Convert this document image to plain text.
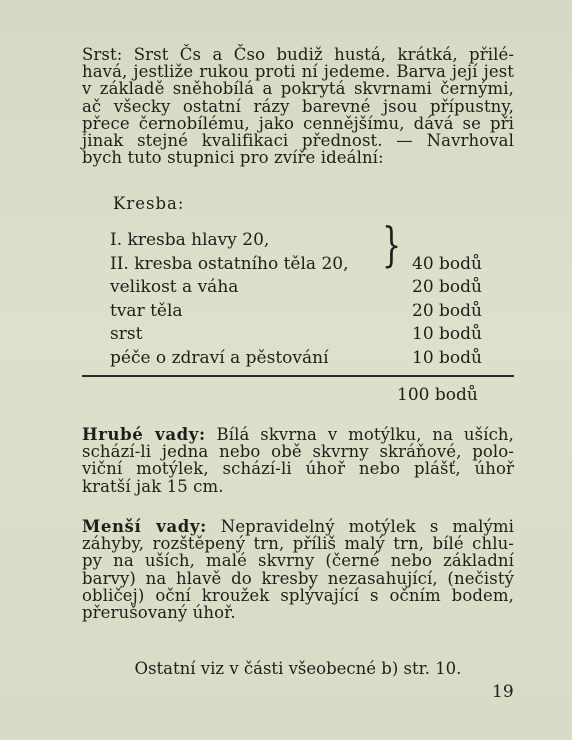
Srst: Srst Čs a Čso budiž hustá, krátká, přilé-
havá, jestliže rukou proti ní jedeme. Barva její jest
v základě sněhobílá a pokrytá skvrnami černými,
ač všecky ostatní rázy barevné jsou přípustny,
přece černobílému, jako cennějšímu, dává se při
jinak stejné kvalifikaci přednost. — Navrhoval
bych tuto stupnici pro zvíře ideální:
Kresba:
I. kresba hlavy 20,	}
II. kresba ostatního těla 20,	40 bodů
velikost a váha	20 bodů
tvar těla	20 bodů
srst	10 bodů
péče o zdraví a pěstování	10 bodů
100 bodů
Hrubé vady: Bílá skvrna v motýlku, na uších,
schází-li jedna nebo obě skvrny skráňové, polo-
viční motýlek, schází-li úhoř nebo plášť, úhoř
kratší jak 15 cm.
Menší vady: Nepravidelný motýlek s malými
záhyby, rozštěpený trn, příliš malý trn, bílé chlu-
py na uších, malé skvrny (černé nebo základní
barvy) na hlavě do kresby nezasahující, (nečistý
obličej) oční kroužek splývající s očním bodem,
přerušovaný úhoř.
Ostatní viz v části všeobecné b) str. 10.
19
